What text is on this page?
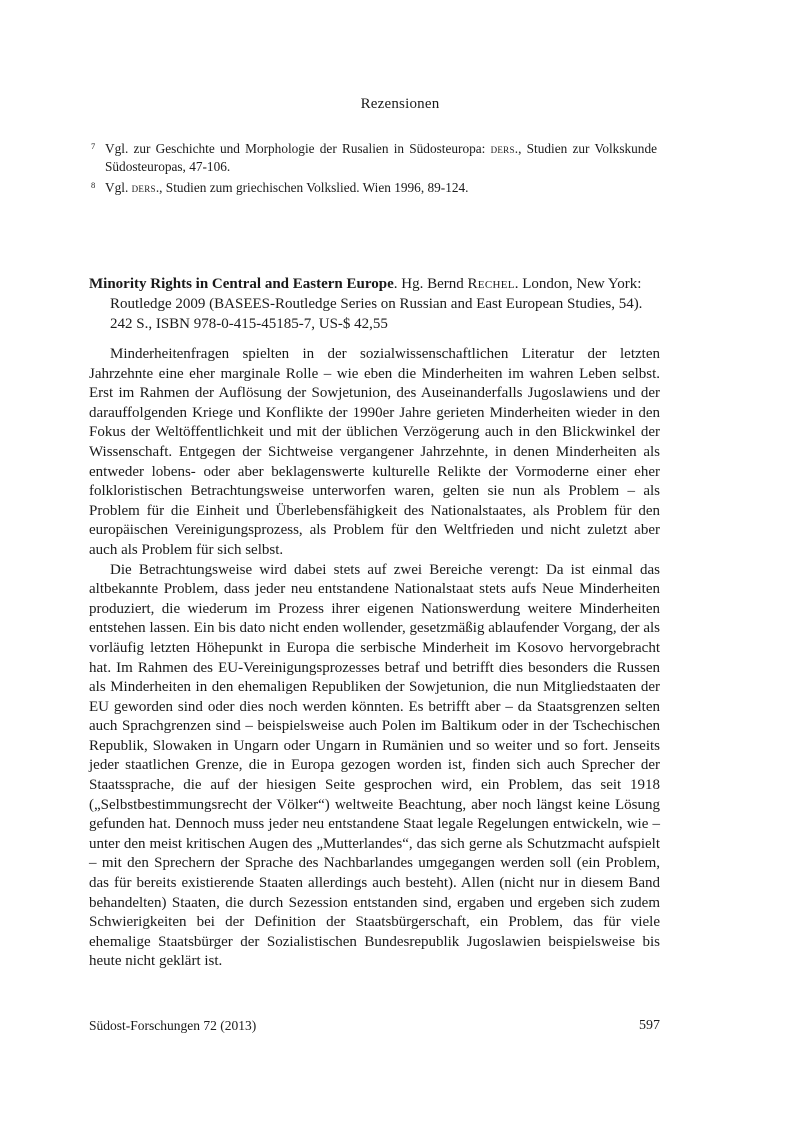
Rezensionen

$^7$ Vgl. zur Geschichte und Morphologie der Rusalien in Südosteuropa: ders., Studien zur Volkskunde Südosteuropas, 47-106.

$^8$ Vgl. ders., Studien zum griechischen Volkslied. Wien 1996, 89-124.

Minority Rights in Central and Eastern Europe. Hg. Bernd Rechel. London, New York: Routledge 2009 (BASEES-Routledge Series on Russian and East European Studies, 54). 242 S., ISBN 978-0-415-45185-7, US-$ 42,55

Minderheitenfragen spielten in der sozialwissenschaftlichen Literatur der letzten Jahrzehnte eine eher marginale Rolle – wie eben die Minderheiten im wahren Leben selbst. Erst im Rahmen der Auflösung der Sowjetunion, des Auseinanderfalls Jugoslawiens und der darauffolgenden Kriege und Konflikte der 1990er Jahre gerieten Minderheiten wieder in den Fokus der Weltöffentlichkeit und mit der üblichen Verzögerung auch in den Blickwinkel der Wissenschaft. Entgegen der Sichtweise vergangener Jahrzehnte, in denen Minderheiten als entweder lobens- oder aber beklagenswerte kulturelle Relikte der Vormoderne einer eher folkloristischen Betrachtungsweise unterworfen waren, gelten sie nun als Problem – als Problem für die Einheit und Überlebensfähigkeit des Nationalstaates, als Problem für den europäischen Vereinigungsprozess, als Problem für den Weltfrieden und nicht zuletzt aber auch als Problem für sich selbst.

Die Betrachtungsweise wird dabei stets auf zwei Bereiche verengt: Da ist einmal das altbekannte Problem, dass jeder neu entstandene Nationalstaat stets aufs Neue Minderheiten produziert, die wiederum im Prozess ihrer eigenen Nationswerdung weitere Minderheiten entstehen lassen. Ein bis dato nicht enden wollender, gesetzmäßig ablaufender Vorgang, der als vorläufig letzten Höhepunkt in Europa die serbische Minderheit im Kosovo hervorgebracht hat. Im Rahmen des EU-Vereinigungsprozesses betraf und betrifft dies besonders die Russen als Minderheiten in den ehemaligen Republiken der Sowjetunion, die nun Mitgliedstaaten der EU geworden sind oder dies noch werden könnten. Es betrifft aber – da Staatsgrenzen selten auch Sprachgrenzen sind – beispielsweise auch Polen im Baltikum oder in der Tschechischen Republik, Slowaken in Ungarn oder Ungarn in Rumänien und so weiter und so fort. Jenseits jeder staatlichen Grenze, die in Europa gezogen worden ist, finden sich auch Sprecher der Staatssprache, die auf der hiesigen Seite gesprochen wird, ein Problem, das seit 1918 („Selbstbestimmungsrecht der Völker“) weltweite Beachtung, aber noch längst keine Lösung gefunden hat. Dennoch muss jeder neu entstandene Staat legale Regelungen entwickeln, wie – unter den meist kritischen Augen des „Mutterlandes“, das sich gerne als Schutzmacht aufspielt – mit den Sprechern der Sprache des Nachbarlandes umgegangen werden soll (ein Problem, das für bereits existierende Staaten allerdings auch besteht). Allen (nicht nur in diesem Band behandelten) Staaten, die durch Sezession entstanden sind, ergaben und ergeben sich zudem Schwierigkeiten bei der Definition der Staatsbürgerschaft, ein Problem, das für viele ehemalige Staatsbürger der Sozialistischen Bundesrepublik Jugoslawien beispielsweise bis heute nicht geklärt ist.

Südost-Forschungen 72 (2013)	597
